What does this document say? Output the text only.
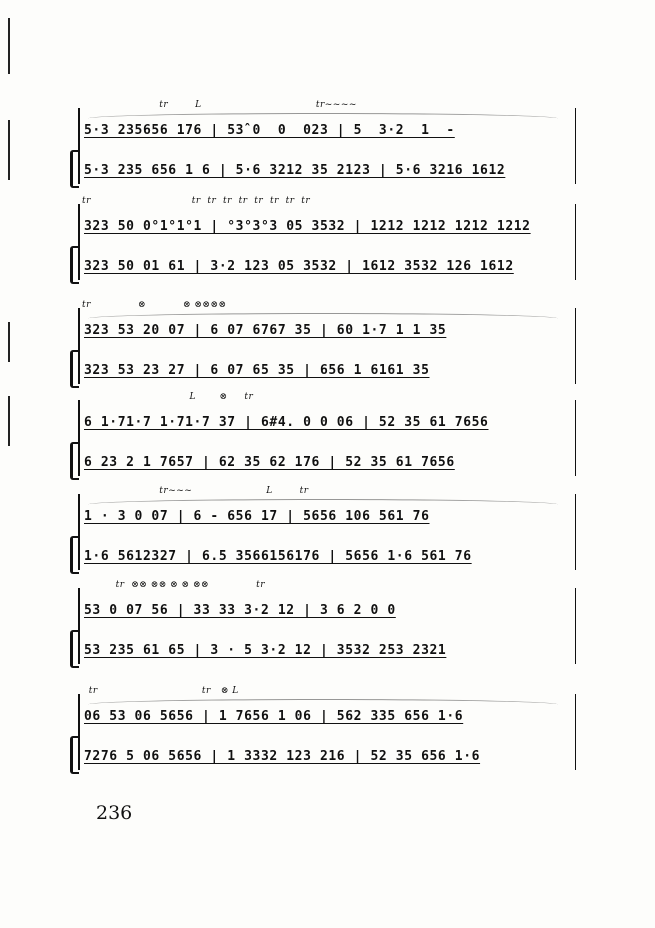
tr        L                                  tr~~~~
5·3 235656 176 | 53̂ 0  0  023 | 5  3·2  1  -
5·3 235 656 1 6 | 5·6 3212 35 2123 | 5·6 3216 1612
tr                              tr  tr  tr  tr  tr  tr  tr  tr
323 50 0°1°1°1 | °3°3°3 05 3532 | 1212 1212 1212 1212
323 50 01 61 | 3·2 123 05 3532 | 1612 3532 126 1612
tr              ⊗           ⊗ ⊗⊗⊗⊗
323 53 20 07 | 6 07 6767 35 | 60 1·7 1 1 35
323 53 23 27 | 6 07 65 35 | 656 1 6161 35
L       ⊗     tr
6 1·71·7 1·71·7 37 | 6#4. 0 0 06 | 52 35 61 7656
6 23 2 1 7657 | 62 35 62 176 | 52 35 61 7656
tr~~~                      L        tr
1 · 3 0 07 | 6 - 656 17 | 5656 106 561 76
1·6 5612327 | 6.5 3566156176 | 5656 1·6 561 76
tr  ⊗⊗ ⊗⊗ ⊗ ⊗ ⊗⊗              tr
53 0 07 56 | 33 33 3·2 12 | 3 6 2 0 0
53 235 61 65 | 3 · 5 3·2 12 | 3532 253 2321
tr                               tr   ⊗ L
06 53 06 5656 | 1 7656 1 06 | 562 335 656 1·6
7276 5 06 5656 | 1 3332 123 216 | 52 35 656 1·6
236
